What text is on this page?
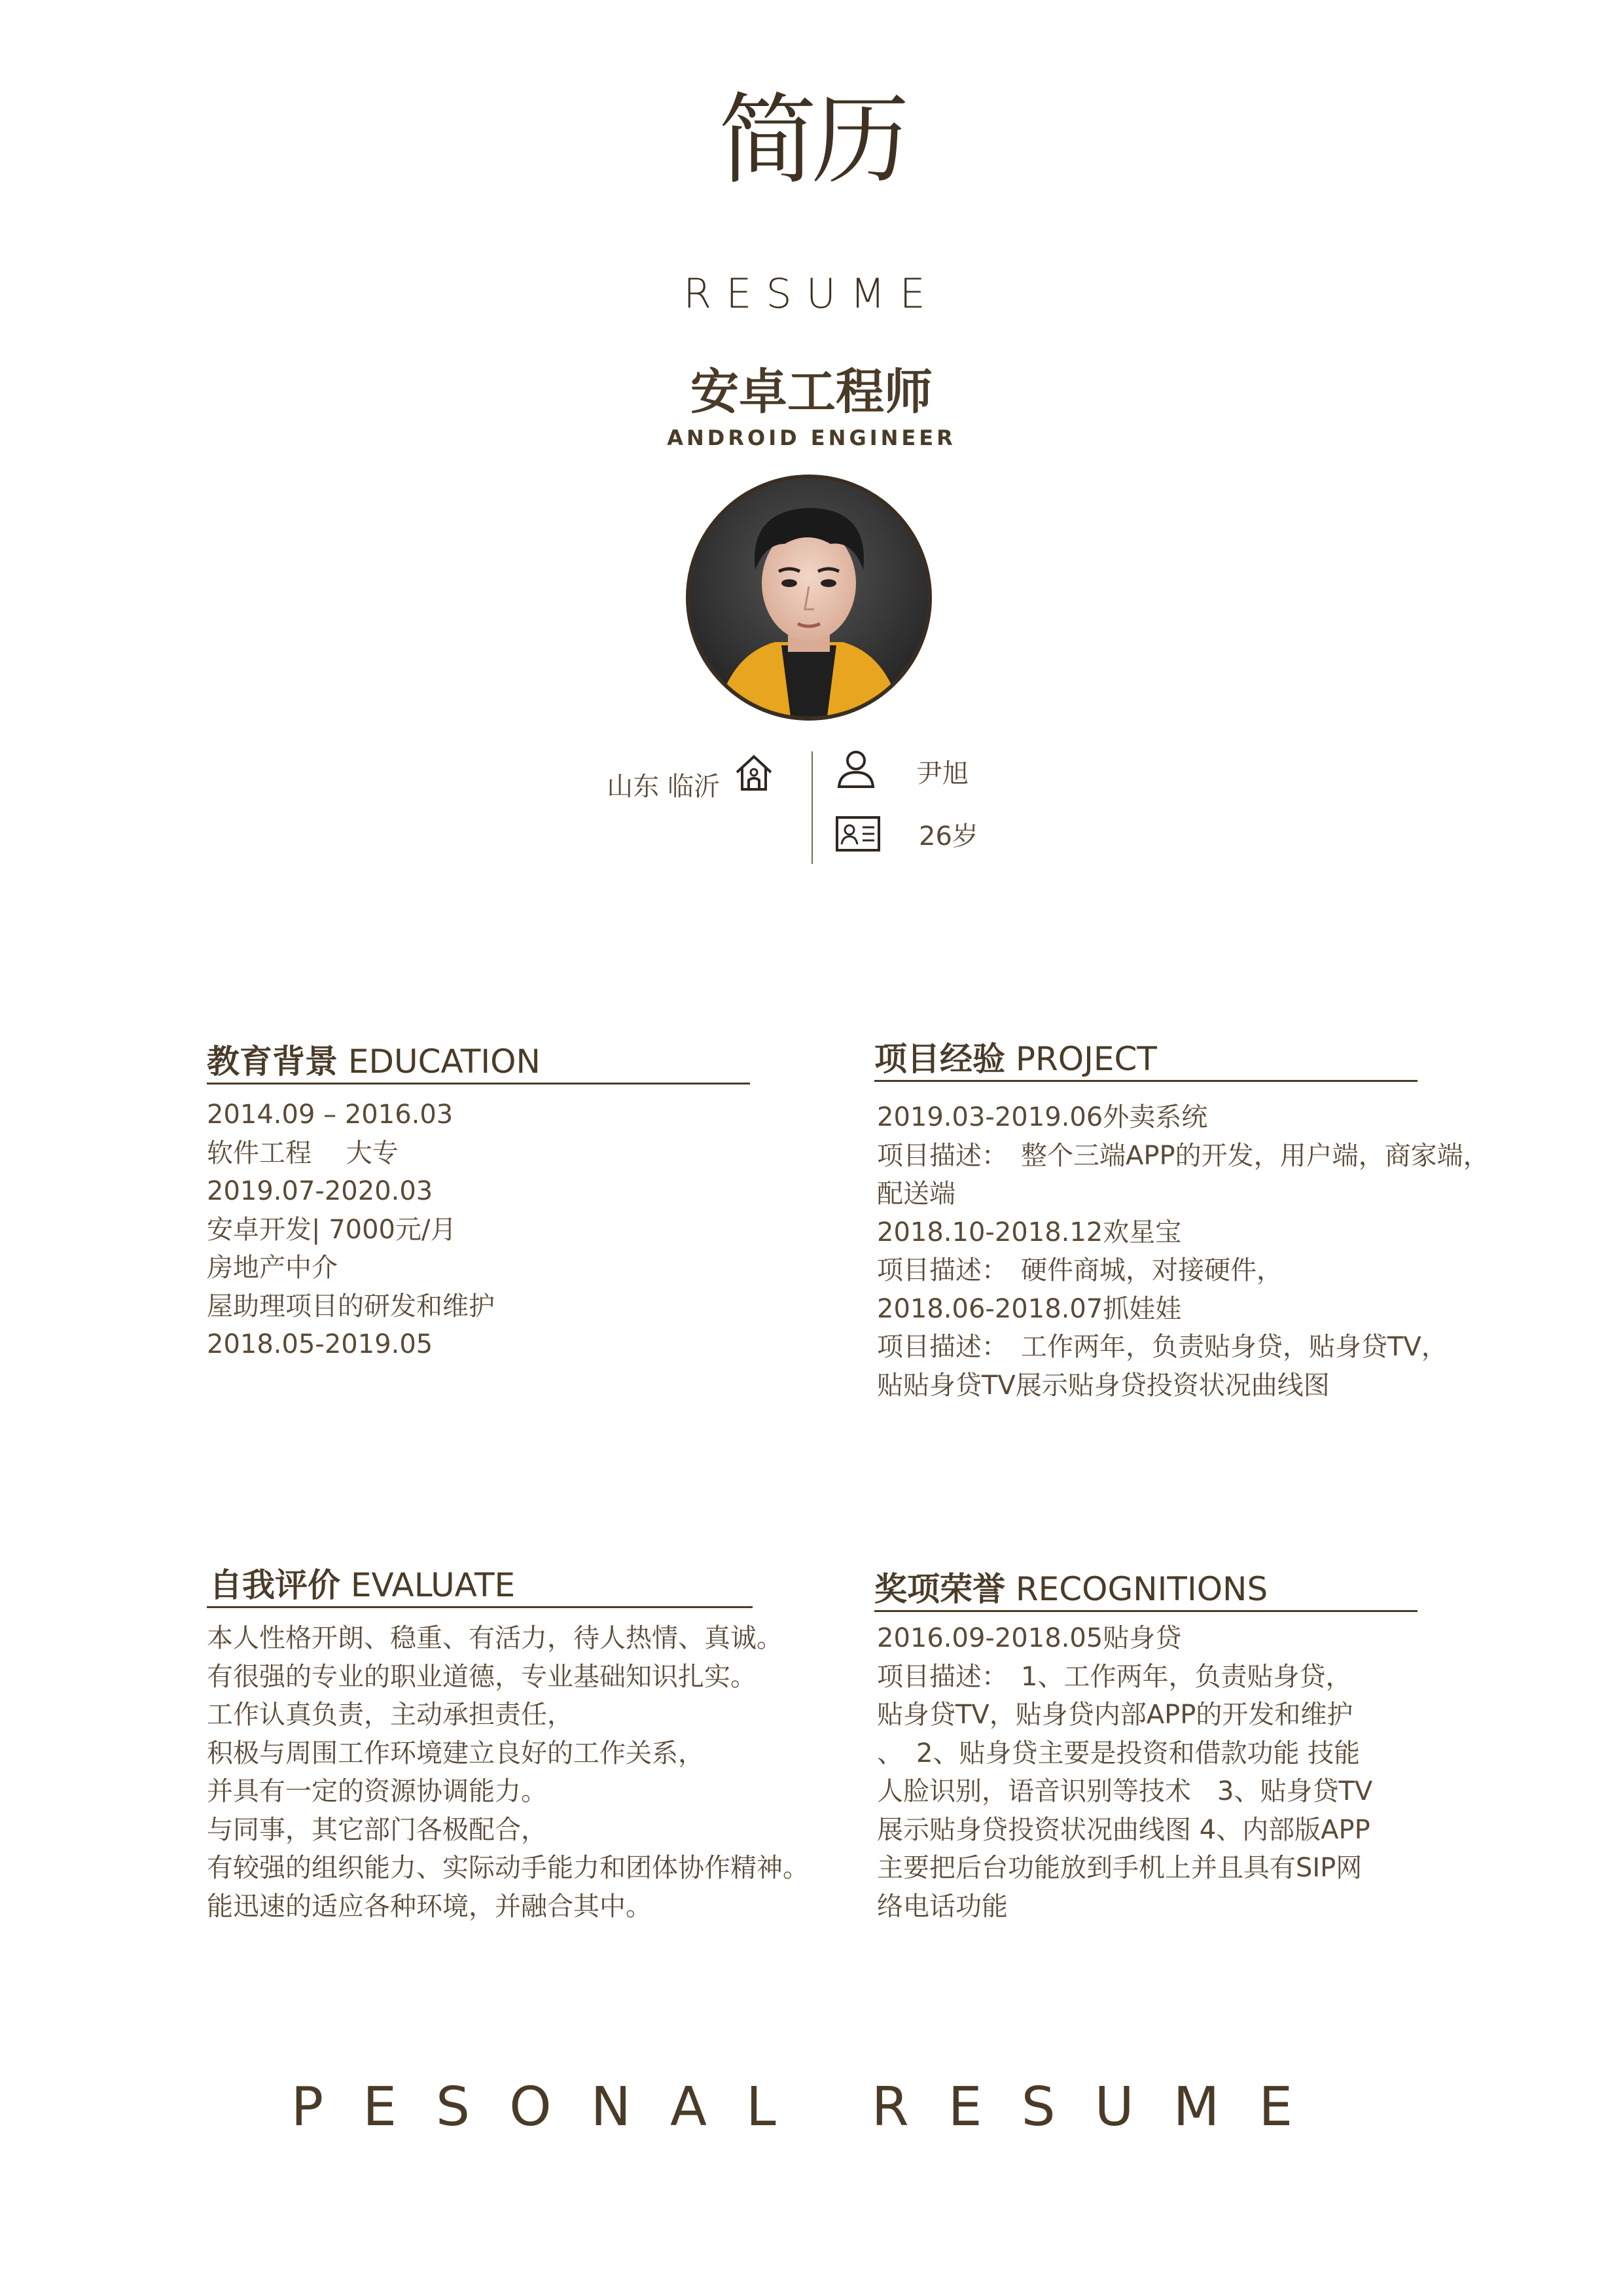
简历
RESUME
安卓工程师
ANDROID ENGINEER
山东 临沂	尹旭
26岁
教育背景 EDUCATION
2014.09 – 2016.03
软件工程　 大专
2019.07-2020.03
安卓开发| 7000元/月
房地产中介
屋助理项目的研发和维护
2018.05-2019.05
项目经验 PROJECT
2019.03-2019.06外卖系统
项目描述：　整个三端APP的开发，用户端，商家端，
配送端
2018.10-2018.12欢星宝
项目描述：　硬件商城，对接硬件，
2018.06-2018.07抓娃娃
项目描述：　工作两年，负责贴身贷，贴身贷TV，
贴贴身贷TV展示贴身贷投资状况曲线图
自我评价 EVALUATE
本人性格开朗、稳重、有活力，待人热情、真诚。
有很强的专业的职业道德，专业基础知识扎实。
工作认真负责，主动承担责任，
积极与周围工作环境建立良好的工作关系，
并具有一定的资源协调能力。
与同事，其它部门各极配合，
有较强的组织能力、实际动手能力和团体协作精神。
能迅速的适应各种环境，并融合其中。
奖项荣誉 RECOGNITIONS
2016.09-2018.05贴身贷
项目描述：　1、工作两年，负责贴身贷，
贴身贷TV，贴身贷内部APP的开发和维护
、　2、贴身贷主要是投资和借款功能 技能
人脸识别，语音识别等技术　3、贴身贷TV
展示贴身贷投资状况曲线图 4、内部版APP
主要把后台功能放到手机上并且具有SIP网
络电话功能
PESONAL RESUME
